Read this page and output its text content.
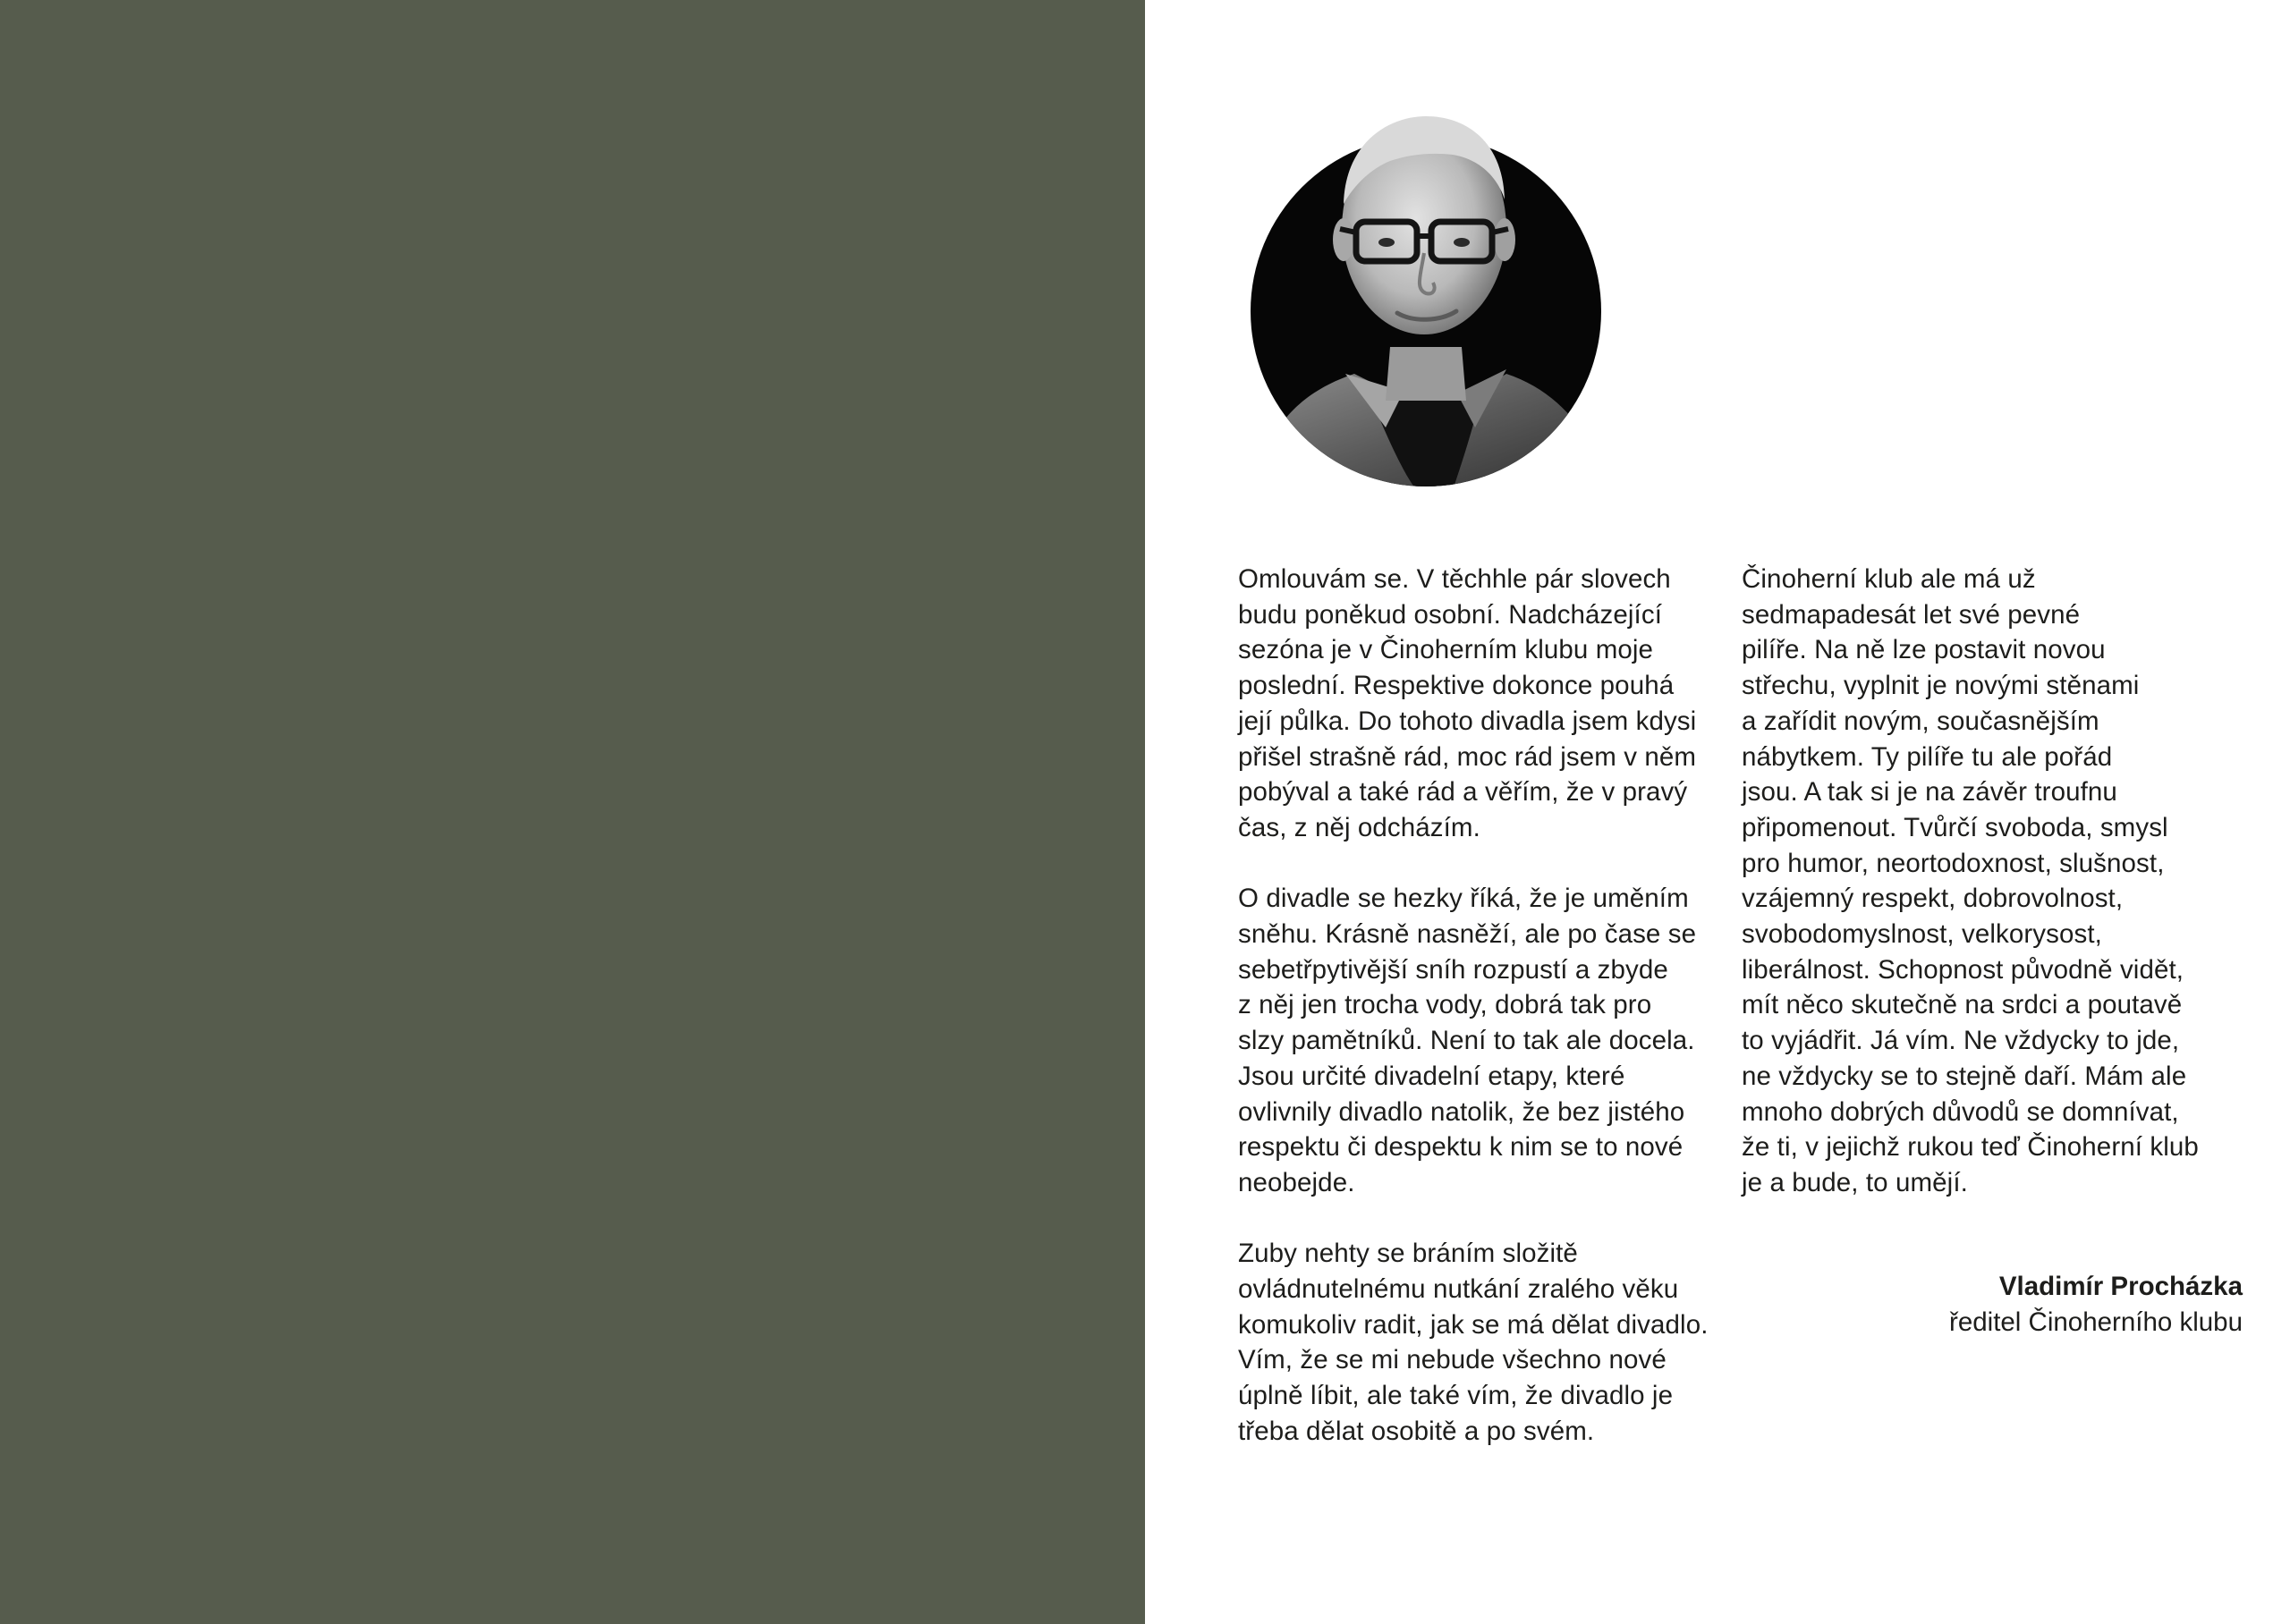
Omlouvám se. V těchhle pár slovech
budu poněkud osobní. Nadcházející
sezóna je v Činoherním klubu moje
poslední. Respektive dokonce pouhá
její půlka. Do tohoto divadla jsem kdysi
přišel strašně rád, moc rád jsem v něm
pobýval a také rád a věřím, že v pravý
čas, z něj odcházím.
O divadle se hezky říká, že je uměním
sněhu. Krásně nasněží, ale po čase se
sebetřpytivější sníh rozpustí a zbyde
z něj jen trocha vody, dobrá tak pro
slzy pamětníků. Není to tak ale docela.
Jsou určité divadelní etapy, které
ovlivnily divadlo natolik, že bez jistého
respektu či despektu k nim se to nové
neobejde.
Zuby nehty se bráním složitě
ovládnutelnému nutkání zralého věku
komukoliv radit, jak se má dělat divadlo.
Vím, že se mi nebude všechno nové
úplně líbit, ale také vím, že divadlo je
třeba dělat osobitě a po svém.
Činoherní klub ale má už
sedmapadesát let své pevné
pilíře. Na ně lze postavit novou
střechu, vyplnit je novými stěnami
a zařídit novým, současnějším
nábytkem. Ty pilíře tu ale pořád
jsou. A tak si je na závěr troufnu
připomenout. Tvůrčí svoboda, smysl
pro humor, neortodoxnost, slušnost,
vzájemný respekt, dobrovolnost,
svobodomyslnost, velkorysost,
liberálnost. Schopnost původně vidět,
mít něco skutečně na srdci a poutavě
to vyjádřit. Já vím. Ne vždycky to jde,
ne vždycky se to stejně daří. Mám ale
mnoho dobrých důvodů se domnívat,
že ti, v jejichž rukou teď Činoherní klub
je a bude, to umějí.
Vladimír Procházka
ředitel Činoherního klubu
